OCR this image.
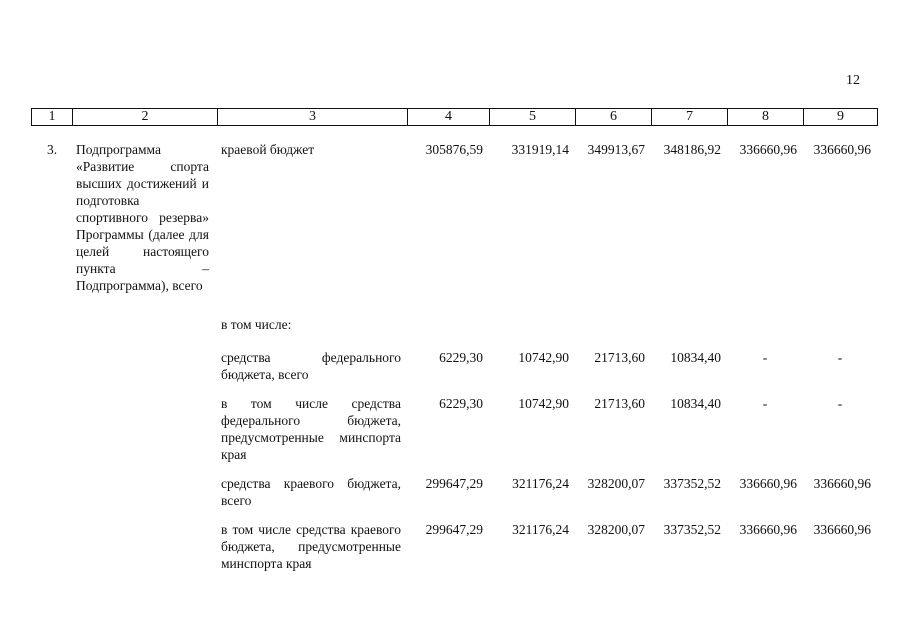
12
1	2	3	4	5	6	7	8	9
3.	Подпрограмма «Развитие спорта высших достижений и подготовка спортивного резерва» Программы (далее для целей настоящего пункта – Подпрограмма), всего	краевой бюджет	305876,59	331919,14	349913,67	348186,92	336660,96	336660,96

		в том числе:						

		средства федерального бюджета, всего	6229,30	10742,90	21713,60	10834,40	-	-

		в том числе средства федерального бюджета, предусмотренные минспорта края	6229,30	10742,90	21713,60	10834,40	-	-

		средства краевого бюджета, всего	299647,29	321176,24	328200,07	337352,52	336660,96	336660,96

		в том числе средства краевого бюджета, предусмотренные минспорта края	299647,29	321176,24	328200,07	337352,52	336660,96	336660,96
